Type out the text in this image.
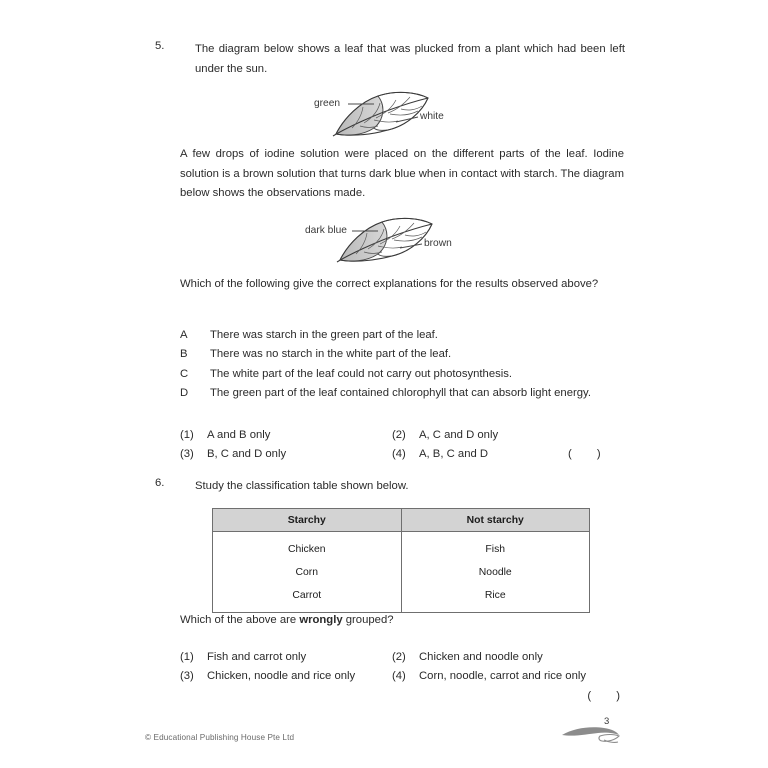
5.	The diagram below shows a leaf that was plucked from a plant which had been left under the sun.
green
white
A few drops of iodine solution were placed on the different parts of the leaf. Iodine solution is a brown solution that turns dark blue when in contact with starch. The diagram below shows the observations made.
dark blue
brown
Which of the following give the correct explanations for the results observed above?
A There was starch in the green part of the leaf.
B There was no starch in the white part of the leaf.
C The white part of the leaf could not carry out photosynthesis.
D The green part of the leaf contained chlorophyll that can absorb light energy.
(1)	A and B only	(2)	A, C and D only
(3)	B, C and D only	(4)	A, B, C and D	(        )
6.	Study the classification table shown below.
Starchy	Not starchy
Chicken	Fish
Corn	Noodle
Carrot	Rice
Which of the above are wrongly grouped?
(1)	Fish and carrot only	(2)	Chicken and noodle only
(3)	Chicken, noodle and rice only	(4)	Corn, noodle, carrot and rice only
(        )
© Educational Publishing House Pte Ltd
3
